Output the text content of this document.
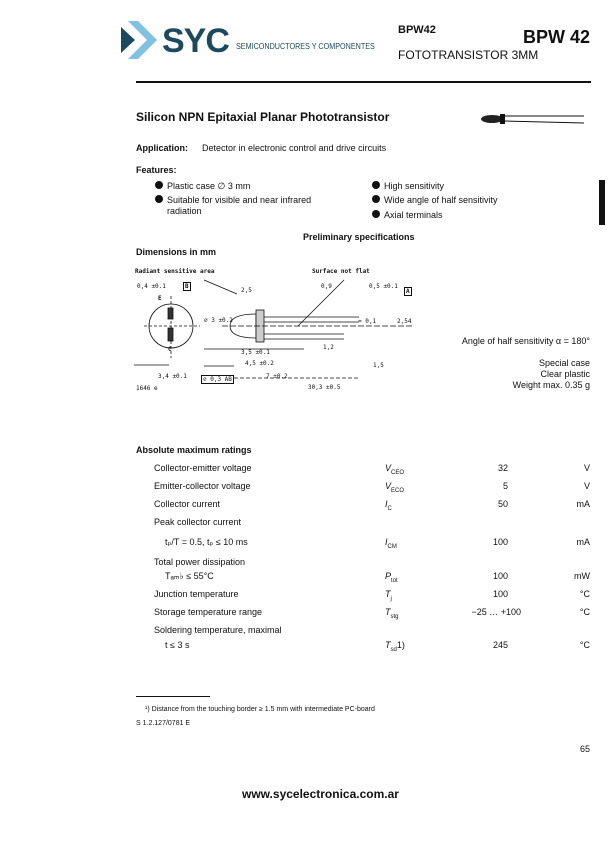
SYC SEMICONDUCTORES Y COMPONENTES
BPW42	BPW 42
FOTOTRANSISTOR 3MM
Silicon NPN Epitaxial Planar Phototransistor
Application: Detector in electronic control and drive circuits
Features:
Plastic case ∅ 3 mm
Suitable for visible and near infrared
radiation
High sensitivity
Wide angle of half sensitivity
Axial terminals
Preliminary specifications
Dimensions in mm
Radiant sensitive area	Surface not flat
0,4 ±0.1	B
E
C
2,5
0,9	0,5 ±0.1
A
∅ 3 ±0.2	≈ 0,1	2,54
1,2
3,5 ±0.1
4,5 ±0.2	1,5
3,4 ±0.1	7 ±0.2
⊘ 0,3 AB
30,3 ±0.5
1646 e
Angle of half sensitivity α = 180°
Special case
Clear plastic
Weight max. 0.35 g
Absolute maximum ratings
Collector-emitter voltage	$V_{CEO}$	32	V
Emitter-collector voltage	$V_{ECO}$	5	V
Collector current	$I_C$	50	mA
Peak collector current
tₚ/T = 0.5, tₚ ≤ 10 ms	$I_{CM}$	100	mA
Total power dissipation
Tₐₘ♭ ≤ 55°C	$P_{tot}$	100	mW
Junction temperature	$T_j$	100	°C
Storage temperature range	$T_{stg}$	−25 … +100	°C
Soldering temperature, maximal
t ≤ 3 s	$T_{sd}1$)	245	°C
¹) Distance from the touching border ≥ 1.5 mm with intermediate PC-board
S 1.2.127/0781 E
65
www.sycelectronica.com.ar
